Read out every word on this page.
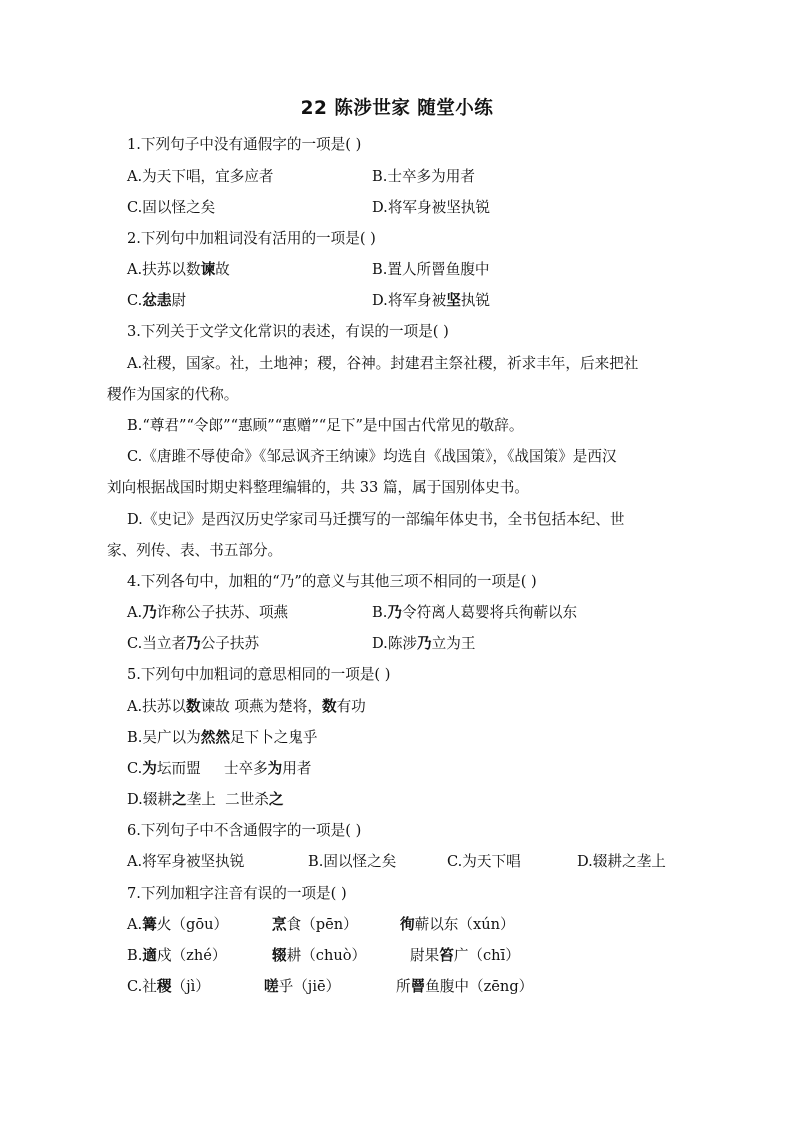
22 陈涉世家 随堂小练
1.下列句子中没有通假字的一项是( )
A.为天下唱，宜多应者	B.士卒多为用者
C.固以怪之矣	D.将军身被坚执锐
2.下列句中加粗词没有活用的一项是( )
A.扶苏以数谏故	B.置人所罾鱼腹中
C.忿恚尉	D.将军身被坚执锐
3.下列关于文学文化常识的表述，有误的一项是( )
A.社稷，国家。社，土地神；稷，谷神。封建君主祭社稷，祈求丰年，后来把社
稷作为国家的代称。
B.“尊君”“令郎”“惠顾”“惠赠”“足下”是中国古代常见的敬辞。
C.《唐雎不辱使命》《邹忌讽齐王纳谏》均选自《战国策》，《战国策》是西汉
刘向根据战国时期史料整理编辑的，共 33 篇，属于国别体史书。
D.《史记》是西汉历史学家司马迁撰写的一部编年体史书，全书包括本纪、世
家、列传、表、书五部分。
4.下列各句中，加粗的“乃”的意义与其他三项不相同的一项是( )
A.乃诈称公子扶苏、项燕	B.乃令符离人葛婴将兵徇蕲以东
C.当立者乃公子扶苏	D.陈涉乃立为王
5.下列句中加粗词的意思相同的一项是( )
A.扶苏以数谏故 项燕为楚将，数有功
B.吴广以为然然足下卜之鬼乎
C.为坛而盟     士卒多为用者
D.辍耕之垄上  二世杀之
6.下列句子中不含通假字的一项是( )
A.将军身被坚执锐	B.固以怪之矣	C.为天下唱	D.辍耕之垄上
7.下列加粗字注音有误的一项是( )
A.篝火（gōu）	烹食（pēn）	徇蕲以东（xún）
B.適戍（zhé）	辍耕（chuò）	尉果笞广（chī）
C.社稷（jì）	嗟乎（jiē）	所罾鱼腹中（zēng）
